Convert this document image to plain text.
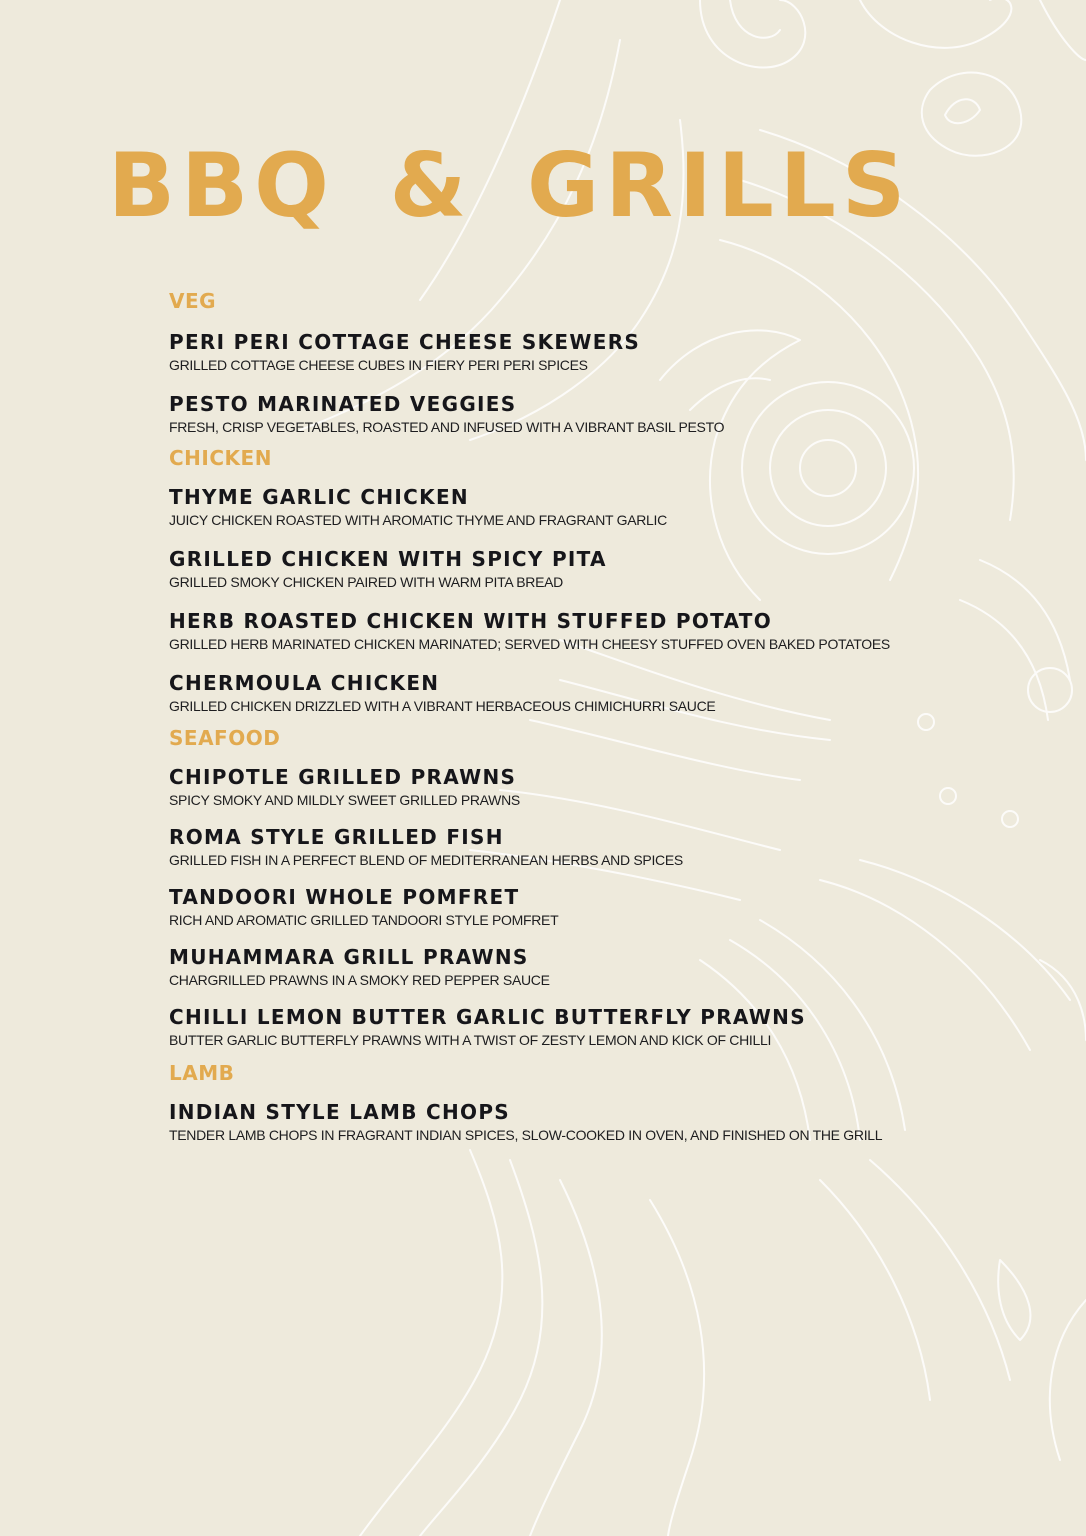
BBQ & GRILLS
VEG
PERI PERI COTTAGE CHEESE SKEWERS
GRILLED COTTAGE CHEESE CUBES IN FIERY PERI PERI SPICES
PESTO MARINATED VEGGIES
FRESH, CRISP VEGETABLES, ROASTED AND INFUSED WITH A VIBRANT BASIL PESTO
CHICKEN
THYME GARLIC CHICKEN
JUICY CHICKEN ROASTED WITH AROMATIC THYME AND FRAGRANT GARLIC
GRILLED CHICKEN WITH SPICY PITA
GRILLED SMOKY CHICKEN PAIRED WITH WARM PITA BREAD
HERB ROASTED CHICKEN WITH STUFFED POTATO
GRILLED HERB MARINATED CHICKEN MARINATED; SERVED WITH CHEESY STUFFED OVEN BAKED POTATOES
CHERMOULA CHICKEN
GRILLED CHICKEN DRIZZLED WITH A VIBRANT HERBACEOUS CHIMICHURRI SAUCE
SEAFOOD
CHIPOTLE GRILLED PRAWNS
SPICY SMOKY AND MILDLY SWEET GRILLED PRAWNS
ROMA STYLE GRILLED FISH
GRILLED FISH IN A PERFECT BLEND OF MEDITERRANEAN HERBS AND SPICES
TANDOORI WHOLE POMFRET
RICH AND AROMATIC GRILLED TANDOORI STYLE POMFRET
MUHAMMARA GRILL PRAWNS
CHARGRILLED PRAWNS IN A SMOKY RED PEPPER SAUCE
CHILLI LEMON BUTTER GARLIC BUTTERFLY PRAWNS
BUTTER GARLIC BUTTERFLY PRAWNS WITH A TWIST OF ZESTY LEMON AND KICK OF CHILLI
LAMB
INDIAN STYLE LAMB CHOPS
TENDER LAMB CHOPS IN FRAGRANT INDIAN SPICES, SLOW-COOKED IN OVEN, AND FINISHED ON THE GRILL
